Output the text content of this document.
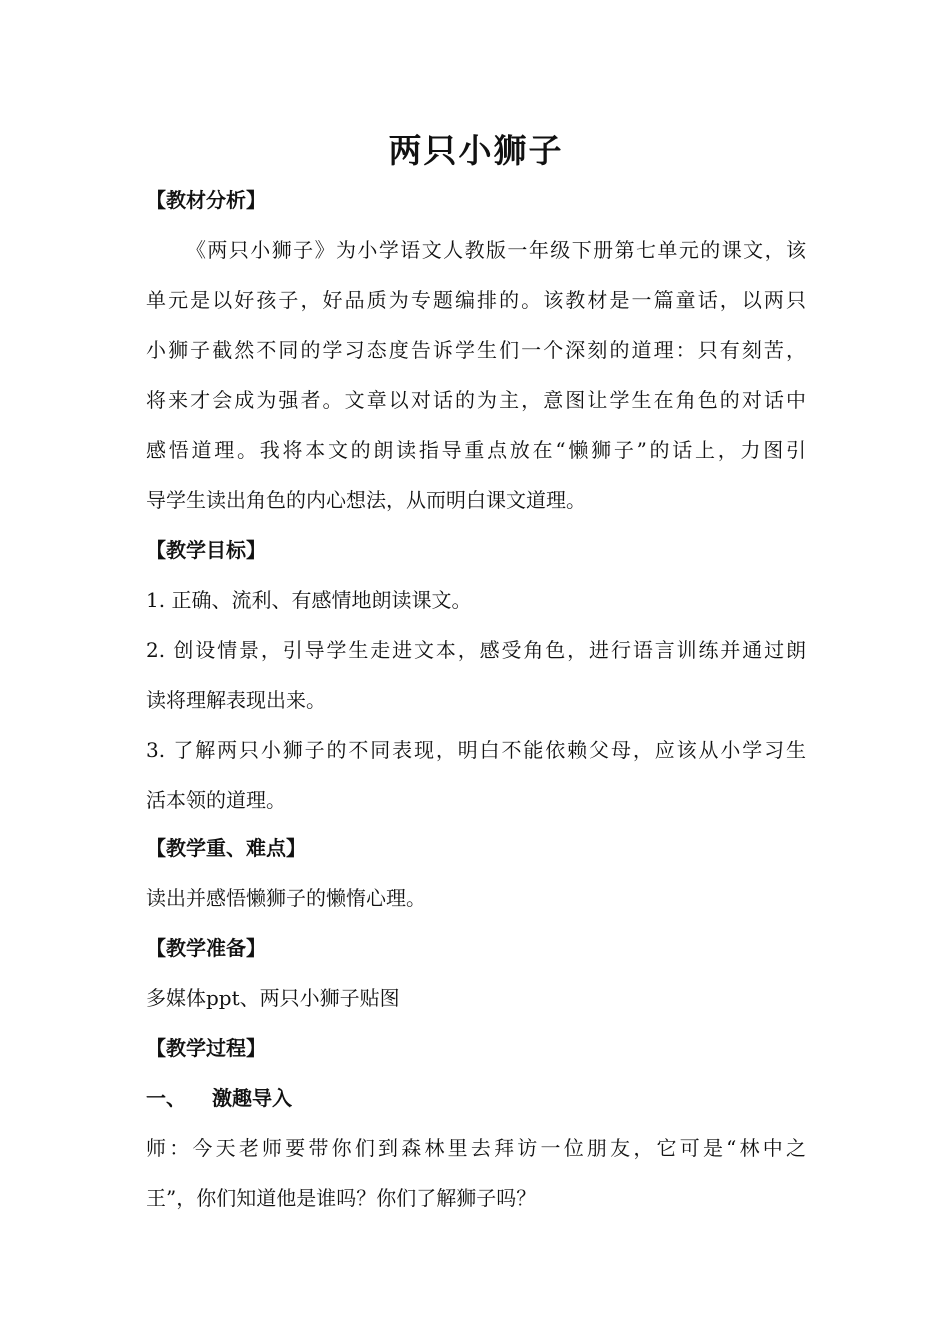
两只小狮子

【教材分析】

《两只小狮子》为小学语文人教版一年级下册第七单元的课文，该

单元是以好孩子，好品质为专题编排的。该教材是一篇童话，以两只

小狮子截然不同的学习态度告诉学生们一个深刻的道理：只有刻苦，

将来才会成为强者。文章以对话的为主，意图让学生在角色的对话中

感悟道理。我将本文的朗读指导重点放在“懒狮子”的话上，力图引

导学生读出角色的内心想法，从而明白课文道理。

【教学目标】

1. 正确、流利、有感情地朗读课文。

2. 创设情景，引导学生走进文本，感受角色，进行语言训练并通过朗

读将理解表现出来。

3. 了解两只小狮子的不同表现，明白不能依赖父母，应该从小学习生

活本领的道理。

【教学重、难点】

读出并感悟懒狮子的懒惰心理。

【教学准备】

多媒体ppt、两只小狮子贴图

【教学过程】

一、 激趣导入

师：今天老师要带你们到森林里去拜访一位朋友，它可是“林中之

王”，你们知道他是谁吗？你们了解狮子吗？
